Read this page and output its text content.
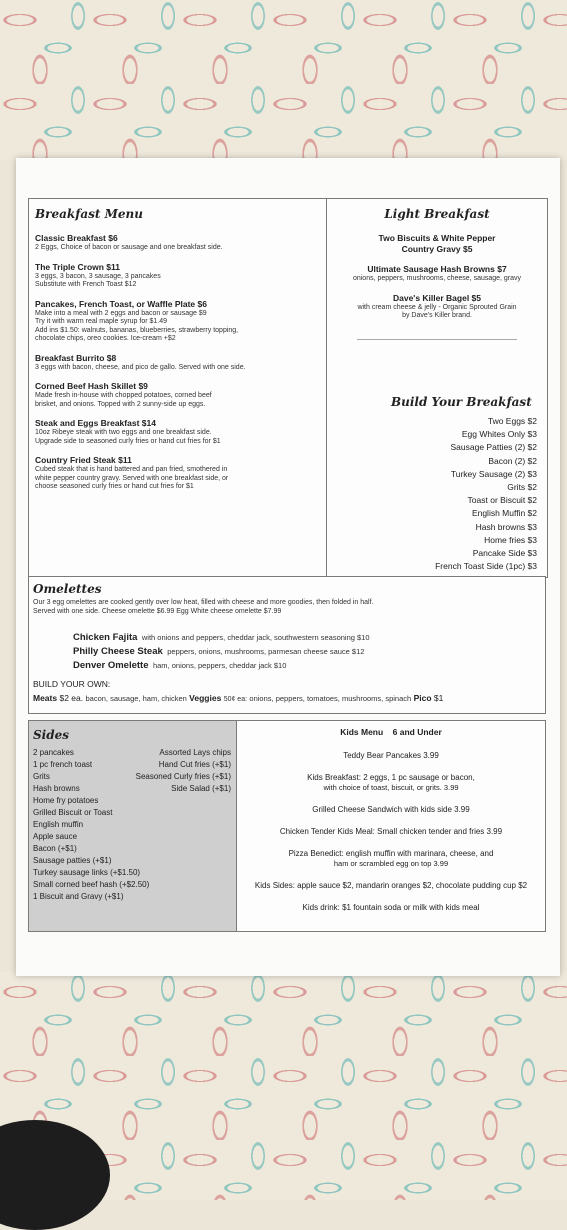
Breakfast Menu
Classic Breakfast $6
2 Eggs, Choice of bacon or sausage and one breakfast side.
The Triple Crown $11
3 eggs, 3 bacon, 3 sausage, 3 pancakes
Substitute with French Toast $12
Pancakes, French Toast, or Waffle Plate $6
Make into a meal with 2 eggs and bacon or sausage $9
Try it with warm real maple syrup for $1.49
Add ins $1.50: walnuts, bananas, blueberries, strawberry topping,
chocolate chips, oreo cookies. Ice-cream +$2
Breakfast Burrito $8
3 eggs with bacon, cheese, and pico de gallo. Served with one side.
Corned Beef Hash Skillet $9
Made fresh in-house with chopped potatoes, corned beef
brisket, and onions. Topped with 2 sunny-side up eggs.
Steak and Eggs Breakfast $14
10oz Ribeye steak with two eggs and one breakfast side.
Upgrade side to seasoned curly fries or hand cut fries for $1
Country Fried Steak $11
Cubed steak that is hand battered and pan fried, smothered in
white pepper country gravy. Served with one breakfast side, or
choose seasoned curly fries or hand cut fries for $1
Light Breakfast
Two Biscuits & White Pepper
Country Gravy $5
Ultimate Sausage Hash Browns $7
onions, peppers, mushrooms, cheese, sausage, gravy
Dave's Killer Bagel $5
with cream cheese & jelly - Organic Sprouted Grain
by Dave's Killer brand.
Build Your Breakfast
Two Eggs $2
Egg Whites Only $3
Sausage Patties (2) $2
Bacon (2) $2
Turkey Sausage (2) $3
Grits $2
Toast or Biscuit $2
English Muffin $2
Hash browns $3
Home fries $3
Pancake Side $3
French Toast Side (1pc) $3
Omelettes
Our 3 egg omelettes are cooked gently over low heat, filled with cheese and more goodies, then folded in half.
Served with one side. Cheese omelette $6.99 Egg White cheese omelette $7.99
Chicken Fajita with onions and peppers, cheddar jack, southwestern seasoning $10
Philly Cheese Steak peppers, onions, mushrooms, parmesan cheese sauce $12
Denver Omelette ham, onions, peppers, cheddar jack $10
BUILD YOUR OWN:
Meats $2 ea. bacon, sausage, ham, chicken Veggies 50¢ ea: onions, peppers, tomatoes, mushrooms, spinach Pico $1
Sides
2 pancakes
1 pc french toast
Grits
Hash browns
Home fry potatoes
Grilled Biscuit or Toast
English muffin
Apple sauce
Bacon (+$1)
Sausage patties (+$1)
Turkey sausage links (+$1.50)
Small corned beef hash (+$2.50)
1 Biscuit and Gravy (+$1)
Assorted Lays chips
Hand Cut fries (+$1)
Seasoned Curly fries (+$1)
Side Salad (+$1)
Kids Menu    6 and Under
Teddy Bear Pancakes 3.99
Kids Breakfast: 2 eggs, 1 pc sausage or bacon,
with choice of toast, biscuit, or grits. 3.99
Grilled Cheese Sandwich with kids side 3.99
Chicken Tender Kids Meal: Small chicken tender and fries 3.99
Pizza Benedict: english muffin with marinara, cheese, and
ham or scrambled egg on top 3.99
Kids Sides: apple sauce $2, mandarin oranges $2, chocolate pudding cup $2
Kids drink: $1 fountain soda or milk with kids meal
